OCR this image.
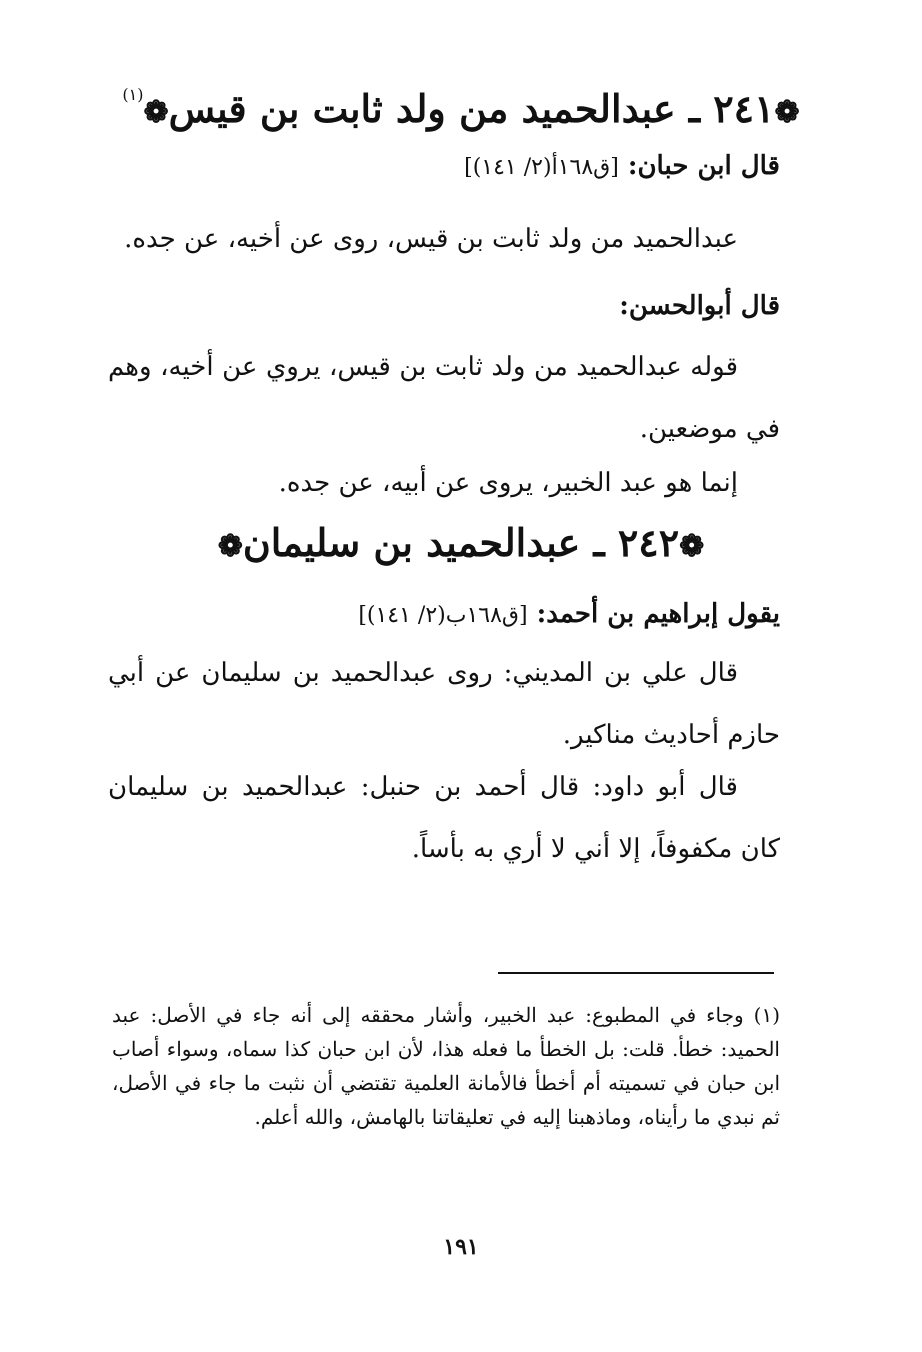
❁٢٤١ ـ عبدالحميد من ولد ثابت بن قيس❁$^{(١)}$
قال ابن حبان: [ق١٦٨أ(٢/ ١٤١)]
عبدالحميد من ولد ثابت بن قيس، روى عن أخيه، عن جده.
قال أبوالحسن:
قوله عبدالحميد من ولد ثابت بن قيس، يروي عن أخيه، وهم في موضعين.
إنما هو عبد الخبير، يروى عن أبيه، عن جده.
❁٢٤٢ ـ عبدالحميد بن سليمان❁
يقول إبراهيم بن أحمد: [ق١٦٨ب(٢/ ١٤١)]
قال علي بن المديني: روى عبدالحميد بن سليمان عن أبي حازم أحاديث مناكير.
قال أبو داود: قال أحمد بن حنبل: عبدالحميد بن سليمان كان مكفوفاً، إلا أني لا أري به بأساً.
(١) وجاء في المطبوع: عبد الخبير، وأشار محققه إلى أنه جاء في الأصل: عبد الحميد: خطأ. قلت: بل الخطأ ما فعله هذا، لأن ابن حبان كذا سماه، وسواء أصاب ابن حبان في تسميته أم أخطأ فالأمانة العلمية تقتضي أن نثبت ما جاء في الأصل، ثم نبدي ما رأيناه، وماذهبنا إليه في تعليقاتنا بالهامش، والله أعلم.
١٩١
